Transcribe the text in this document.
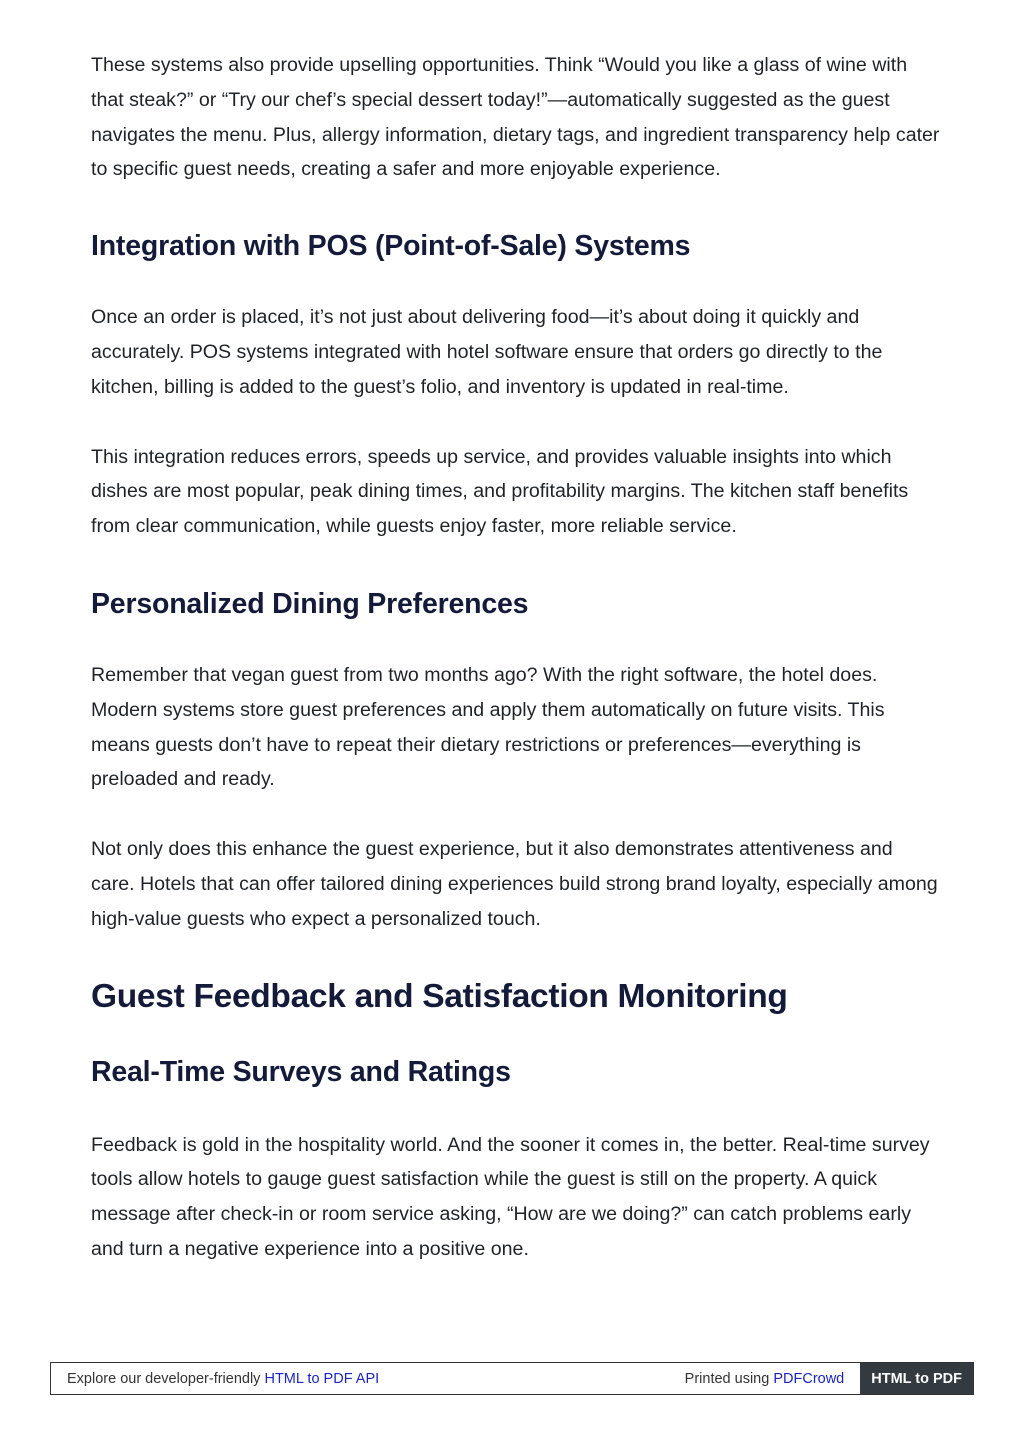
These systems also provide upselling opportunities. Think “Would you like a glass of wine with that steak?” or “Try our chef’s special dessert today!”—automatically suggested as the guest navigates the menu. Plus, allergy information, dietary tags, and ingredient transparency help cater to specific guest needs, creating a safer and more enjoyable experience.

Integration with POS (Point-of-Sale) Systems

Once an order is placed, it’s not just about delivering food—it’s about doing it quickly and accurately. POS systems integrated with hotel software ensure that orders go directly to the kitchen, billing is added to the guest’s folio, and inventory is updated in real-time.

This integration reduces errors, speeds up service, and provides valuable insights into which dishes are most popular, peak dining times, and profitability margins. The kitchen staff benefits from clear communication, while guests enjoy faster, more reliable service.

Personalized Dining Preferences

Remember that vegan guest from two months ago? With the right software, the hotel does. Modern systems store guest preferences and apply them automatically on future visits. This means guests don’t have to repeat their dietary restrictions or preferences—everything is preloaded and ready.

Not only does this enhance the guest experience, but it also demonstrates attentiveness and care. Hotels that can offer tailored dining experiences build strong brand loyalty, especially among high-value guests who expect a personalized touch.

Guest Feedback and Satisfaction Monitoring
Real-Time Surveys and Ratings

Feedback is gold in the hospitality world. And the sooner it comes in, the better. Real-time survey tools allow hotels to gauge guest satisfaction while the guest is still on the property. A quick message after check-in or room service asking, “How are we doing?” can catch problems early and turn a negative experience into a positive one.

Explore our developer-friendly HTML to PDF API	Printed using PDFCrowd	HTML to PDF
